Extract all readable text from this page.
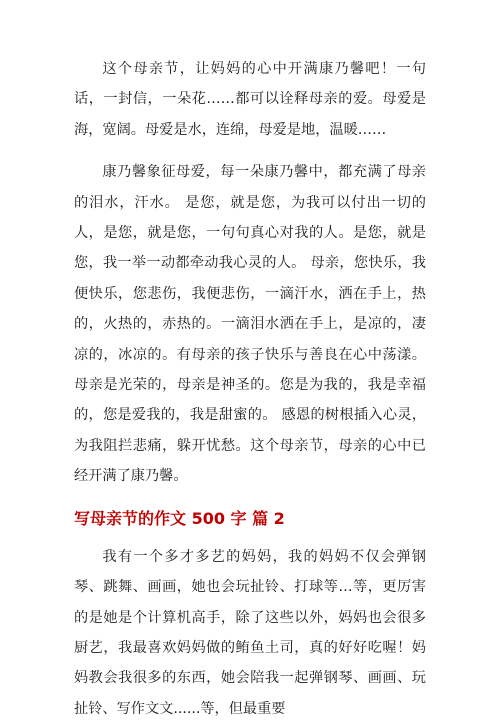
这个母亲节，让妈妈的心中开满康乃馨吧！一句话，一封信，一朵花……都可以诠释母亲的爱。母爱是海，宽阔。母爱是水，连绵，母爱是地，温暖……

康乃馨象征母爱，每一朵康乃馨中，都充满了母亲的泪水，汗水。 是您，就是您，为我可以付出一切的人，是您，就是您，一句句真心对我的人。是您，就是您，我一举一动都牵动我心灵的人。 母亲，您快乐，我便快乐，您悲伤，我便悲伤，一滴汗水，洒在手上，热的，火热的，赤热的。一滴泪水洒在手上，是凉的，凄凉的，冰凉的。有母亲的孩子快乐与善良在心中荡漾。母亲是光荣的，母亲是神圣的。您是为我的，我是幸福的，您是爱我的，我是甜蜜的。 感恩的树根插入心灵，为我阻拦悲痛，躲开忧愁。这个母亲节，母亲的心中已经开满了康乃馨。

写母亲节的作文 500 字 篇 2

我有一个多才多艺的妈妈，我的妈妈不仅会弹钢琴、跳舞、画画，她也会玩扯铃、打球等…等，更厉害的是她是个计算机高手，除了这些以外，妈妈也会很多厨艺，我最喜欢妈妈做的鲔鱼土司，真的好好吃喔！妈妈教会我很多的东西，她会陪我一起弹钢琴、画画、玩扯铃、写作文文......等，但最重要
